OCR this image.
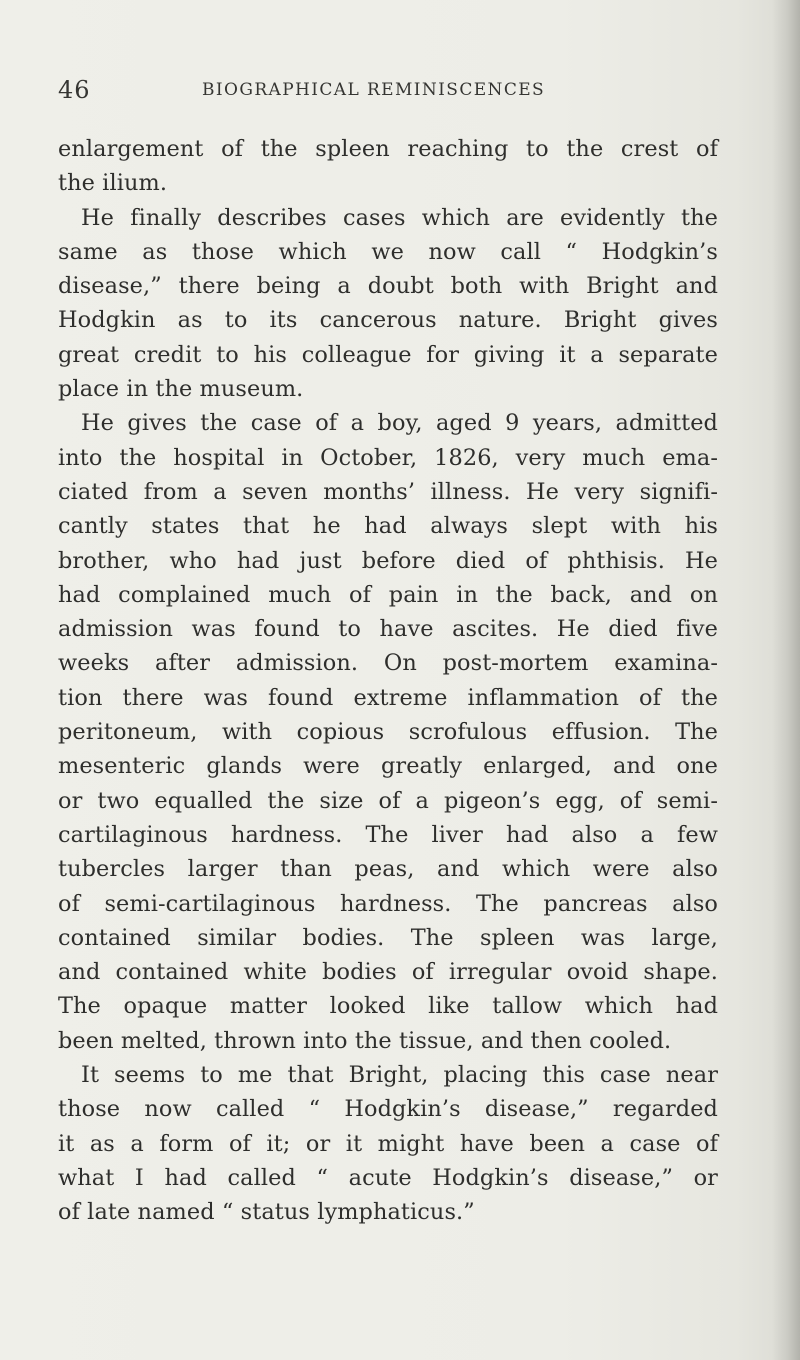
46	BIOGRAPHICAL REMINISCENCES
enlargement of the spleen reaching to the crest of
the ilium.
He finally describes cases which are evidently the
same as those which we now call “ Hodgkin’s
disease,” there being a doubt both with Bright and
Hodgkin as to its cancerous nature. Bright gives
great credit to his colleague for giving it a separate
place in the museum.
He gives the case of a boy, aged 9 years, admitted
into the hospital in October, 1826, very much ema-
ciated from a seven months’ illness. He very signifi-
cantly states that he had always slept with his
brother, who had just before died of phthisis. He
had complained much of pain in the back, and on
admission was found to have ascites. He died five
weeks after admission. On post-mortem examina-
tion there was found extreme inflammation of the
peritoneum, with copious scrofulous effusion. The
mesenteric glands were greatly enlarged, and one
or two equalled the size of a pigeon’s egg, of semi-
cartilaginous hardness. The liver had also a few
tubercles larger than peas, and which were also
of semi-cartilaginous hardness. The pancreas also
contained similar bodies. The spleen was large,
and contained white bodies of irregular ovoid shape.
The opaque matter looked like tallow which had
been melted, thrown into the tissue, and then cooled.
It seems to me that Bright, placing this case near
those now called “ Hodgkin’s disease,” regarded
it as a form of it; or it might have been a case of
what I had called “ acute Hodgkin’s disease,” or
of late named “ status lymphaticus.”
